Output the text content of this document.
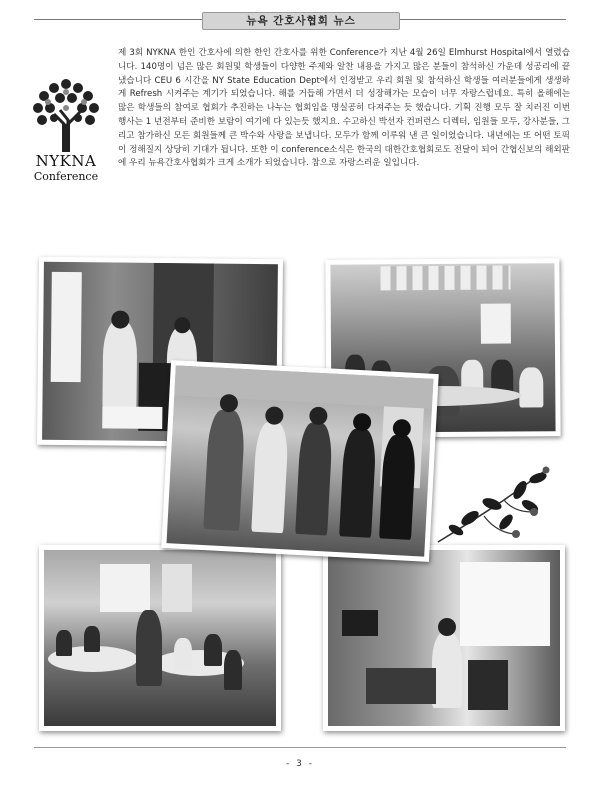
뉴욕 간호사협회 뉴스
NYKNA
Conference

제 3회 NYKNA 한인 간호사에 의한 한인 간호사를 위한 Conference가 지난 4월 26일 Elmhurst Hospital에서 열렸습니다. 140명이 넘은 많은 회원및 학생들이 다양한 주제와 알찬 내용을 가지고 많은 분들이 참석하신 가운데 성공리에 끝냈습니다 CEU 6 시간을 NY State Education Dept에서 인정받고 우리 회원 및 참석하신 학생들 여러분들에게 생생하게 Refresh 시켜주는 계기가 되었습니다. 해를 거듭해 가면서 더 성장해가는 모습이 너무 자랑스럽네요. 특히 올해에는 많은 학생들의 참여로 협회가 추진하는 나누는 협회임을 명실공히 다져주는 듯 했습니다. 기획 진행 모두 잘 치러진 이번 행사는 1 년전부터 준비한 보람이 여기에 다 있는듯 했지요. 수고하신 박선자 컨퍼런스 디렉터, 임원들 모두, 강사분들, 그리고 참가하신 모든 회원들께 큰 박수와 사랑을 보냅니다. 모두가 함께 이루워 낸 큰 일이었습니다. 내년에는 또 어떤 토픽이 정해질지 상당히 기대가 됩니다. 또한 이 conference소식은 한국의 대한간호협회로도 전달이 되어 간협신보의 해외판에 우리 뉴욕간호사협회가 크게 소개가 되었습니다. 참으로 자랑스러운 일입니다.

- 3 -
